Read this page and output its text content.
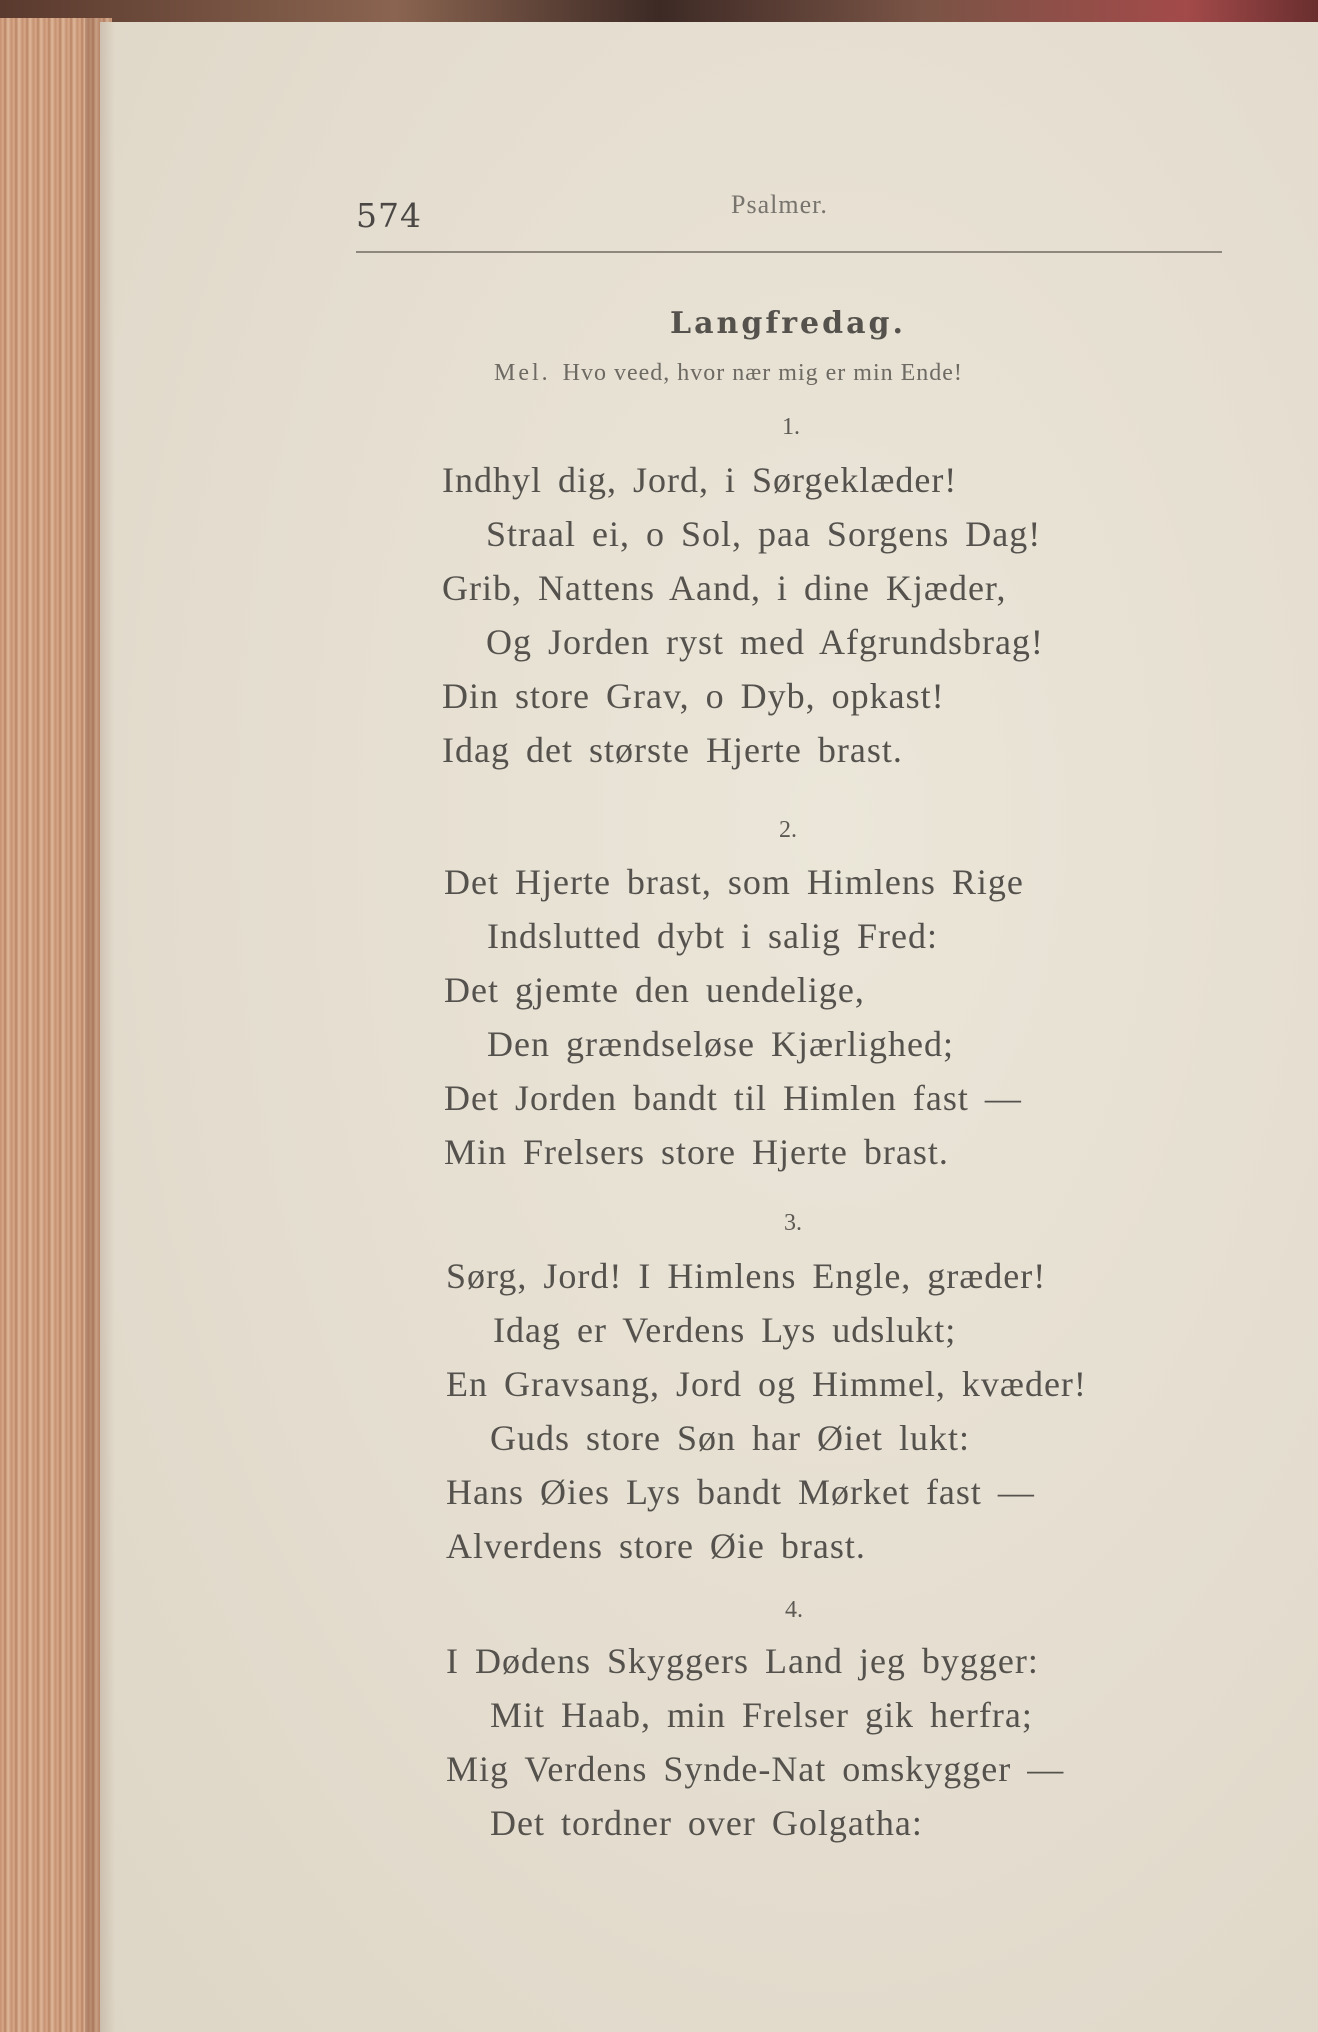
574	Psalmer.
Langfredag.
Mel. Hvo veed, hvor nær mig er min Ende!
1.
Indhyl dig, Jord, i Sørgeklæder!
Straal ei, o Sol, paa Sorgens Dag!
Grib, Nattens Aand, i dine Kjæder,
Og Jorden ryst med Afgrundsbrag!
Din store Grav, o Dyb, opkast!
Idag det største Hjerte brast.
2.
Det Hjerte brast, som Himlens Rige
Indslutted dybt i salig Fred:
Det gjemte den uendelige,
Den grændseløse Kjærlighed;
Det Jorden bandt til Himlen fast —
Min Frelsers store Hjerte brast.
3.
Sørg, Jord! I Himlens Engle, græder!
Idag er Verdens Lys udslukt;
En Gravsang, Jord og Himmel, kvæder!
Guds store Søn har Øiet lukt:
Hans Øies Lys bandt Mørket fast —
Alverdens store Øie brast.
4.
I Dødens Skyggers Land jeg bygger:
Mit Haab, min Frelser gik herfra;
Mig Verdens Synde-Nat omskygger —
Det tordner over Golgatha:
